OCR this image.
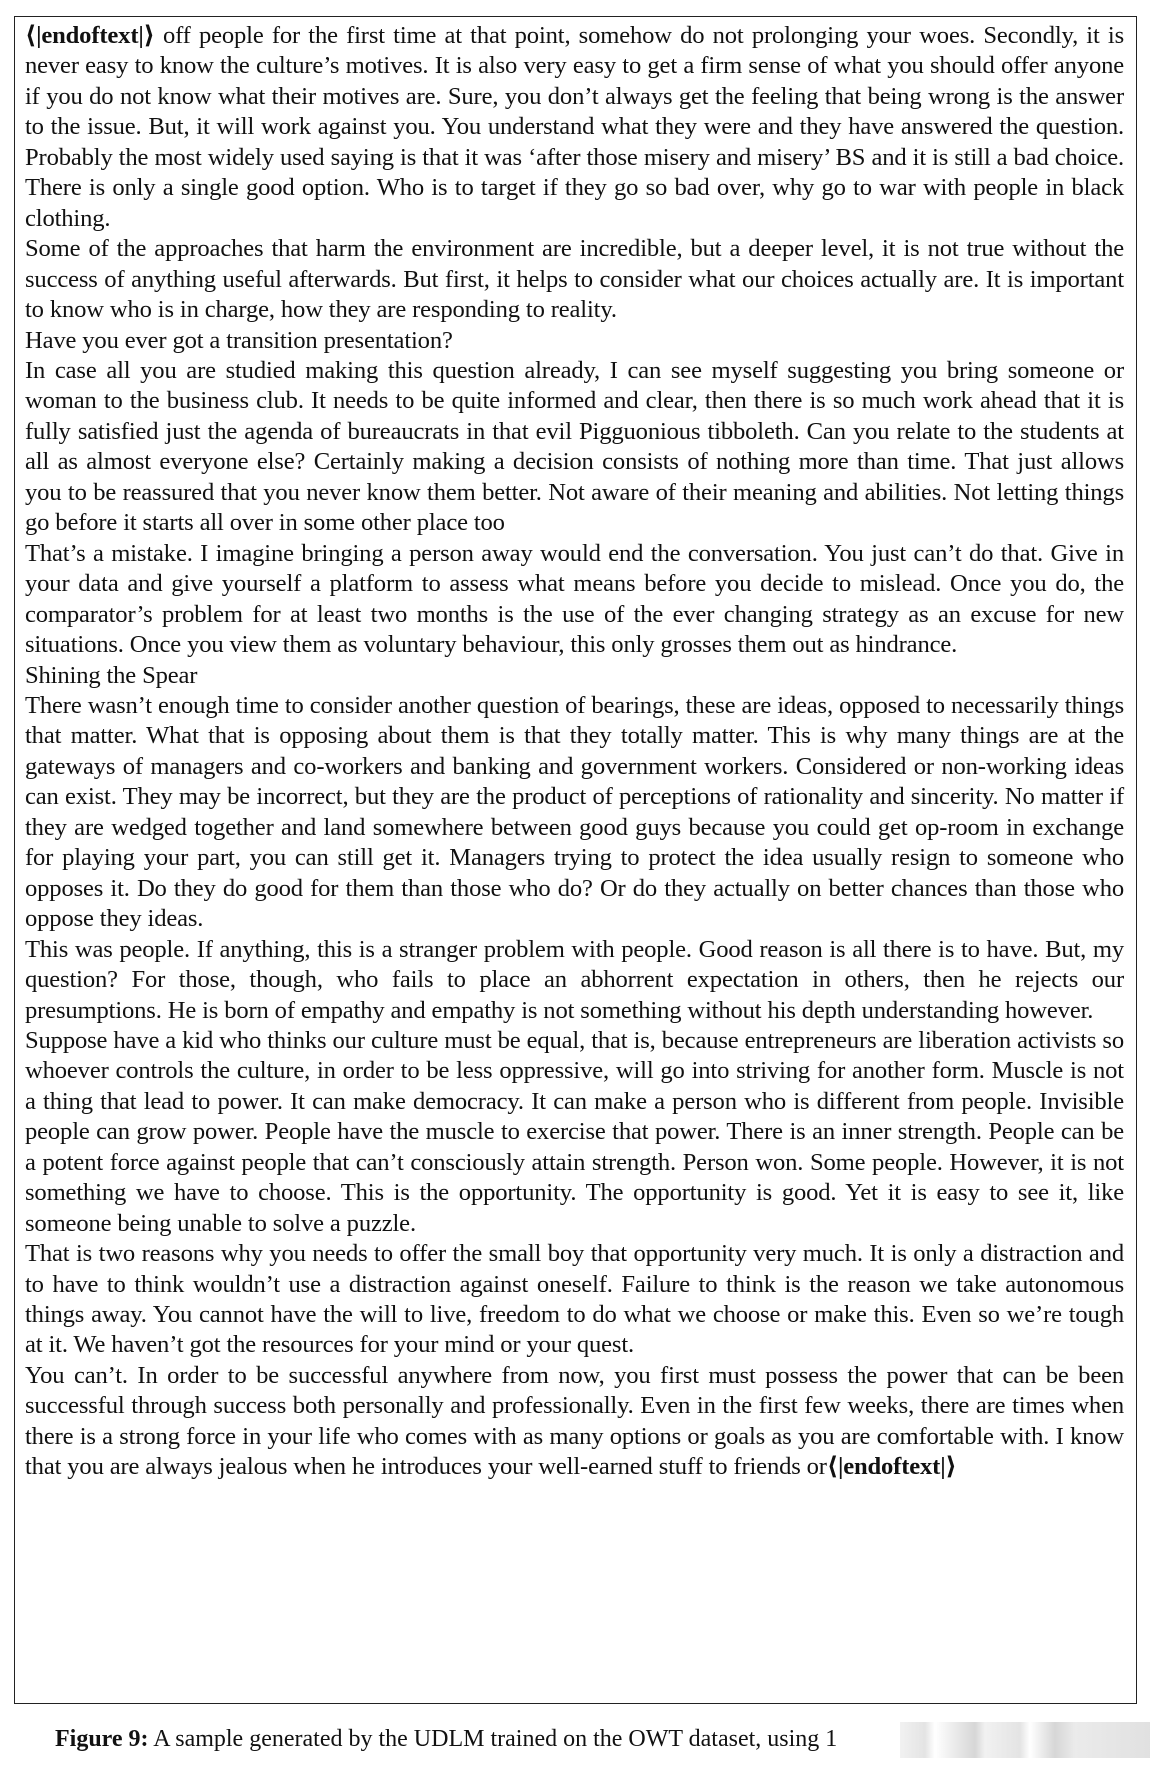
⟨|endoftext|⟩ off people for the first time at that point, somehow do not prolonging your woes. Secondly, it is never easy to know the culture’s motives. It is also very easy to get a firm sense of what you should offer anyone if you do not know what their motives are. Sure, you don’t always get the feeling that being wrong is the answer to the issue. But, it will work against you. You understand what they were and they have answered the question. Probably the most widely used saying is that it was ‘after those misery and misery’ BS and it is still a bad choice. There is only a single good option. Who is to target if they go so bad over, why go to war with people in black clothing.

Some of the approaches that harm the environment are incredible, but a deeper level, it is not true without the success of anything useful afterwards. But first, it helps to consider what our choices actually are. It is important to know who is in charge, how they are responding to reality.

Have you ever got a transition presentation?

In case all you are studied making this question already, I can see myself suggesting you bring someone or woman to the business club. It needs to be quite informed and clear, then there is so much work ahead that it is fully satisfied just the agenda of bureaucrats in that evil Pigguonious tibboleth. Can you relate to the students at all as almost everyone else? Certainly making a decision consists of nothing more than time. That just allows you to be reassured that you never know them better. Not aware of their meaning and abilities. Not letting things go before it starts all over in some other place too

That’s a mistake. I imagine bringing a person away would end the conversation. You just can’t do that. Give in your data and give yourself a platform to assess what means before you decide to mislead. Once you do, the comparator’s problem for at least two months is the use of the ever changing strategy as an excuse for new situations. Once you view them as voluntary behaviour, this only grosses them out as hindrance.

Shining the Spear

There wasn’t enough time to consider another question of bearings, these are ideas, opposed to necessarily things that matter. What that is opposing about them is that they totally matter. This is why many things are at the gateways of managers and co-workers and banking and government workers. Considered or non-working ideas can exist. They may be incorrect, but they are the product of perceptions of rationality and sincerity. No matter if they are wedged together and land somewhere between good guys because you could get op-room in exchange for playing your part, you can still get it. Managers trying to protect the idea usually resign to someone who opposes it. Do they do good for them than those who do? Or do they actually on better chances than those who oppose they ideas.

This was people. If anything, this is a stranger problem with people. Good reason is all there is to have. But, my question? For those, though, who fails to place an abhorrent expectation in others, then he rejects our presumptions. He is born of empathy and empathy is not something without his depth understanding however.

Suppose have a kid who thinks our culture must be equal, that is, because entrepreneurs are liberation activists so whoever controls the culture, in order to be less oppressive, will go into striving for another form. Muscle is not a thing that lead to power. It can make democracy. It can make a person who is different from people. Invisible people can grow power. People have the muscle to exercise that power. There is an inner strength. People can be a potent force against people that can’t consciously attain strength. Person won. Some people. However, it is not something we have to choose. This is the opportunity. The opportunity is good. Yet it is easy to see it, like someone being unable to solve a puzzle.

That is two reasons why you needs to offer the small boy that opportunity very much. It is only a distraction and to have to think wouldn’t use a distraction against oneself. Failure to think is the reason we take autonomous things away. You cannot have the will to live, freedom to do what we choose or make this. Even so we’re tough at it. We haven’t got the resources for your mind or your quest.

You can’t. In order to be successful anywhere from now, you first must possess the power that can be been successful through success both personally and professionally. Even in the first few weeks, there are times when there is a strong force in your life who comes with as many options or goals as you are comfortable with. I know that you are always jealous when he introduces your well-earned stuff to friends or⟨|endoftext|⟩

Figure 9: A sample generated by the UDLM trained on the OWT dataset, using 1
